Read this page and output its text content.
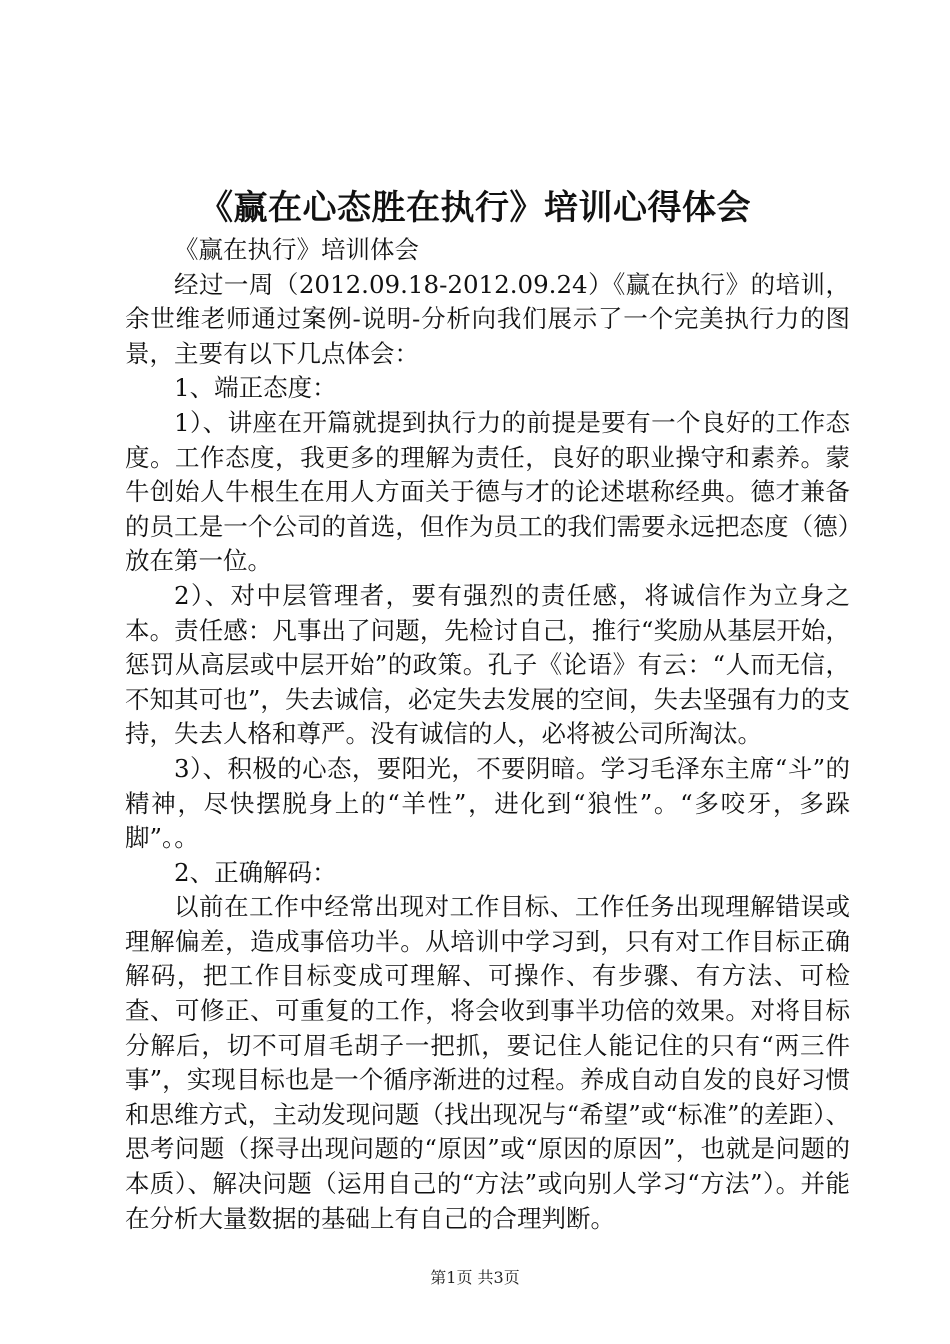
《赢在心态胜在执行》培训心得体会

《赢在执行》培训体会

经过一周（2012.09.18-2012.09.24）《赢在执行》的培训，余世维老师通过案例-说明-分析向我们展示了一个完美执行力的图景，主要有以下几点体会：

1、端正态度：

1）、讲座在开篇就提到执行力的前提是要有一个良好的工作态度。工作态度，我更多的理解为责任，良好的职业操守和素养。蒙牛创始人牛根生在用人方面关于德与才的论述堪称经典。德才兼备的员工是一个公司的首选，但作为员工的我们需要永远把态度（德）放在第一位。

2）、对中层管理者，要有强烈的责任感，将诚信作为立身之本。责任感：凡事出了问题，先检讨自己，推行“奖励从基层开始，惩罚从高层或中层开始”的政策。孔子《论语》有云：“人而无信，不知其可也”，失去诚信，必定失去发展的空间，失去坚强有力的支持，失去人格和尊严。没有诚信的人，必将被公司所淘汰。

3）、积极的心态，要阳光，不要阴暗。学习毛泽东主席“斗”的精神，尽快摆脱身上的“羊性”，进化到“狼性”。“多咬牙，多跺脚”。。

2、正确解码：

以前在工作中经常出现对工作目标、工作任务出现理解错误或理解偏差，造成事倍功半。从培训中学习到，只有对工作目标正确解码，把工作目标变成可理解、可操作、有步骤、有方法、可检查、可修正、可重复的工作，将会收到事半功倍的效果。对将目标分解后，切不可眉毛胡子一把抓，要记住人能记住的只有“两三件事”，实现目标也是一个循序渐进的过程。养成自动自发的良好习惯和思维方式，主动发现问题（找出现况与“希望”或“标准”的差距）、思考问题（探寻出现问题的“原因”或“原因的原因”，也就是问题的本质）、解决问题（运用自己的“方法”或向别人学习“方法”）。并能在分析大量数据的基础上有自己的合理判断。

第1页 共3页
